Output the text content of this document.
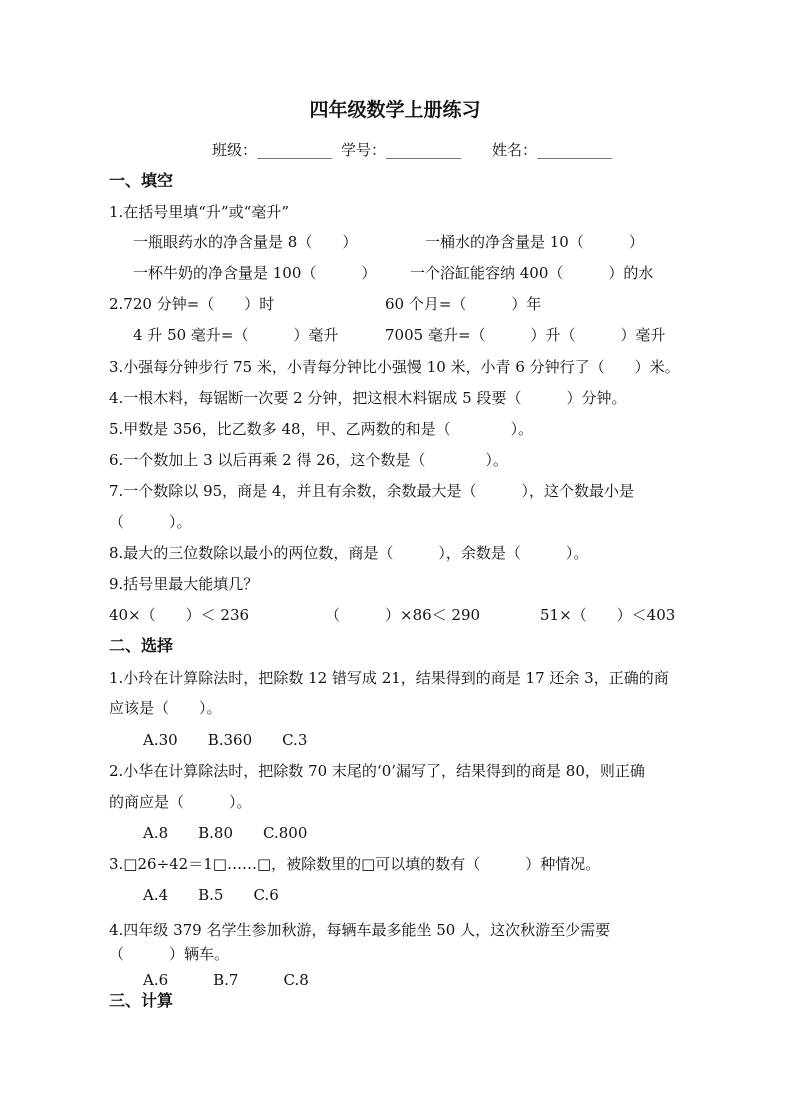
四年级数学上册练习
班级：__________ 学号：__________ 姓名：__________
一、填空
1.在括号里填“升”或“毫升”
一瓶眼药水的净含量是 8（　　）	一桶水的净含量是 10（　　　）
一杯牛奶的净含量是 100（　　　） 一个浴缸能容纳 400（　　　）的水
2.720 分钟=（　　）时	60 个月=（　　　）年
4 升 50 毫升=（　　　）毫升	7005 毫升=（　　　）升（　　　）毫升
3.小强每分钟步行 75 米，小青每分钟比小强慢 10 米，小青 6 分钟行了（　　）米。
4.一根木料，每锯断一次要 2 分钟，把这根木料锯成 5 段要（　　　）分钟。
5.甲数是 356，比乙数多 48，甲、乙两数的和是（　　　　）。
6.一个数加上 3 以后再乘 2 得 26，这个数是（　　　　）。
7.一个数除以 95，商是 4，并且有余数，余数最大是（　　　），这个数最小是
（　　　）。
8.最大的三位数除以最小的两位数，商是（　　　），余数是（　　　）。
9.括号里最大能填几？
40×（　　）＜ 236	（　　　）×86＜ 290	51×（　　）＜403
二、选择
1.小玲在计算除法时，把除数 12 错写成 21，结果得到的商是 17 还余 3，正确的商
应该是（　　）。
A.30　　B.360　　C.3
2.小华在计算除法时，把除数 70 末尾的‘0’漏写了，结果得到的商是 80，则正确
的商应是（　　　）。
A.8　　B.80　　C.800
3.□26÷42＝1□……□，被除数里的□可以填的数有（　　　）种情况。
A.4　　B.5　　C.6
4.四年级 379 名学生参加秋游，每辆车最多能坐 50 人，这次秋游至少需要
（　　　）辆车。
A.6　　　B.7　　　C.8
三、计算
